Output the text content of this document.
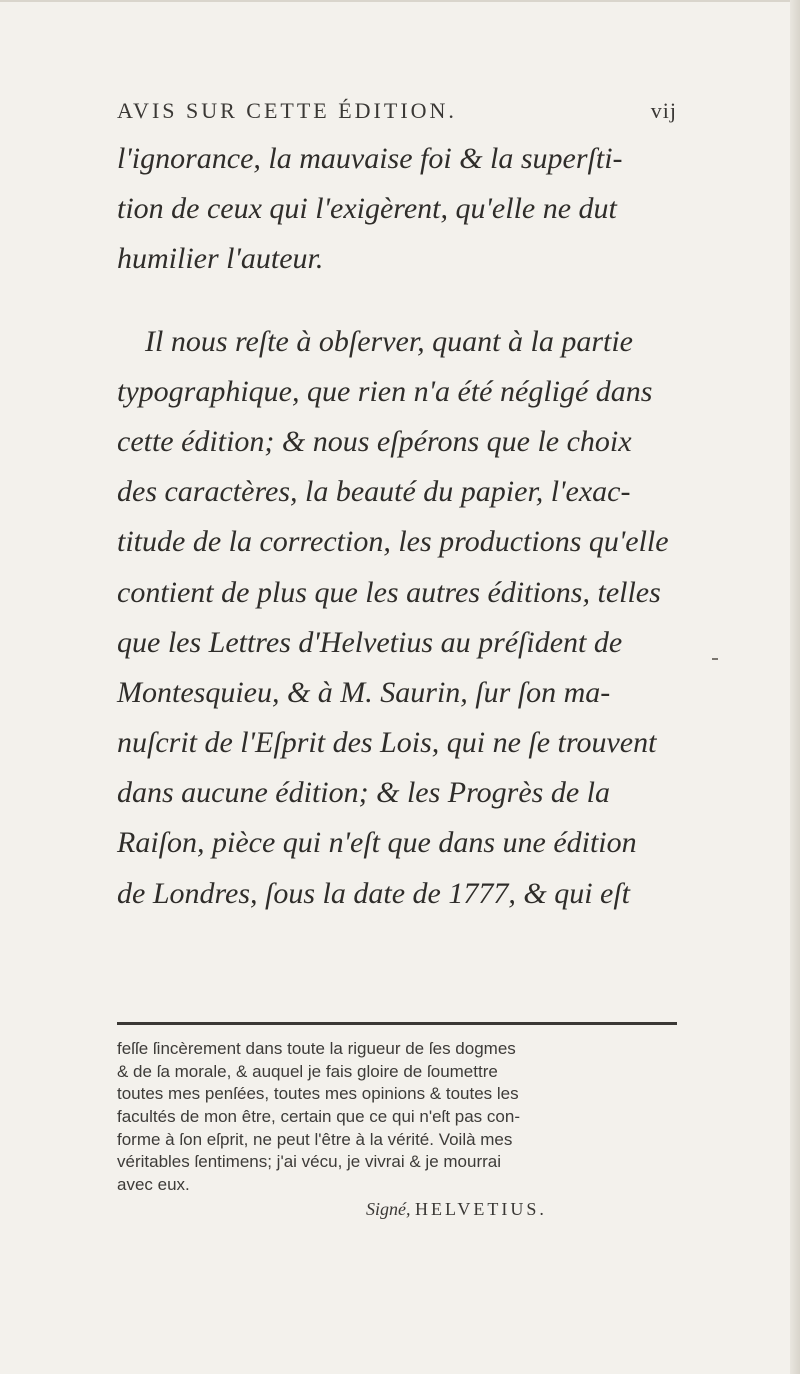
AVIS SUR CETTE ÉDITION.	vij
l'ignorance, la mauvaise foi & la superſti-
tion de ceux qui l'exigèrent, qu'elle ne dut
humilier l'auteur.
Il nous reſte à obſerver, quant à la partie
typographique, que rien n'a été négligé dans
cette édition; & nous eſpérons que le choix
des caractères, la beauté du papier, l'exac-
titude de la correction, les productions qu'elle
contient de plus que les autres éditions, telles
que les Lettres d'Helvetius au préſident de
Montesquieu, & à M. Saurin, ſur ſon ma-
nuſcrit de l'Eſprit des Lois, qui ne ſe trouvent
dans aucune édition; & les Progrès de la
Raiſon, pièce qui n'eſt que dans une édition
de Londres, ſous la date de 1777, & qui eſt
feſſe ſincèrement dans toute la rigueur de ſes dogmes
& de ſa morale, & auquel je fais gloire de ſoumettre
toutes mes penſées, toutes mes opinions & toutes les
facultés de mon être, certain que ce qui n'eſt pas con-
forme à ſon eſprit, ne peut l'être à la vérité. Voilà mes
véritables ſentimens; j'ai vécu, je vivrai & je mourrai
avec eux.
Signé, HELVETIUS.
